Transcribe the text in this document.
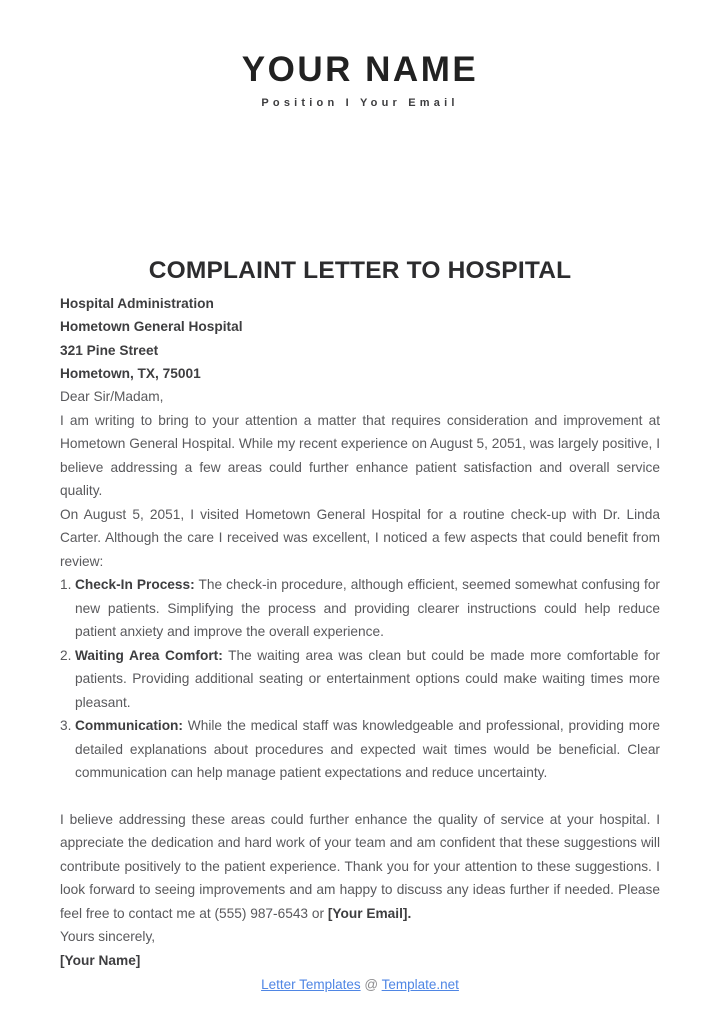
YOUR NAME
Position I Your Email
COMPLAINT LETTER TO HOSPITAL
Hospital Administration
Hometown General Hospital
321 Pine Street
Hometown, TX, 75001
Dear Sir/Madam,
I am writing to bring to your attention a matter that requires consideration and improvement at Hometown General Hospital. While my recent experience on August 5, 2051, was largely positive, I believe addressing a few areas could further enhance patient satisfaction and overall service quality.
On August 5, 2051, I visited Hometown General Hospital for a routine check-up with Dr. Linda Carter. Although the care I received was excellent, I noticed a few aspects that could benefit from review:
1. Check-In Process: The check-in procedure, although efficient, seemed somewhat confusing for new patients. Simplifying the process and providing clearer instructions could help reduce patient anxiety and improve the overall experience.
2. Waiting Area Comfort: The waiting area was clean but could be made more comfortable for patients. Providing additional seating or entertainment options could make waiting times more pleasant.
3. Communication: While the medical staff was knowledgeable and professional, providing more detailed explanations about procedures and expected wait times would be beneficial. Clear communication can help manage patient expectations and reduce uncertainty.
I believe addressing these areas could further enhance the quality of service at your hospital. I appreciate the dedication and hard work of your team and am confident that these suggestions will contribute positively to the patient experience. Thank you for your attention to these suggestions. I look forward to seeing improvements and am happy to discuss any ideas further if needed. Please feel free to contact me at (555) 987-6543 or [Your Email].
Yours sincerely,
[Your Name]
Letter Templates @ Template.net
